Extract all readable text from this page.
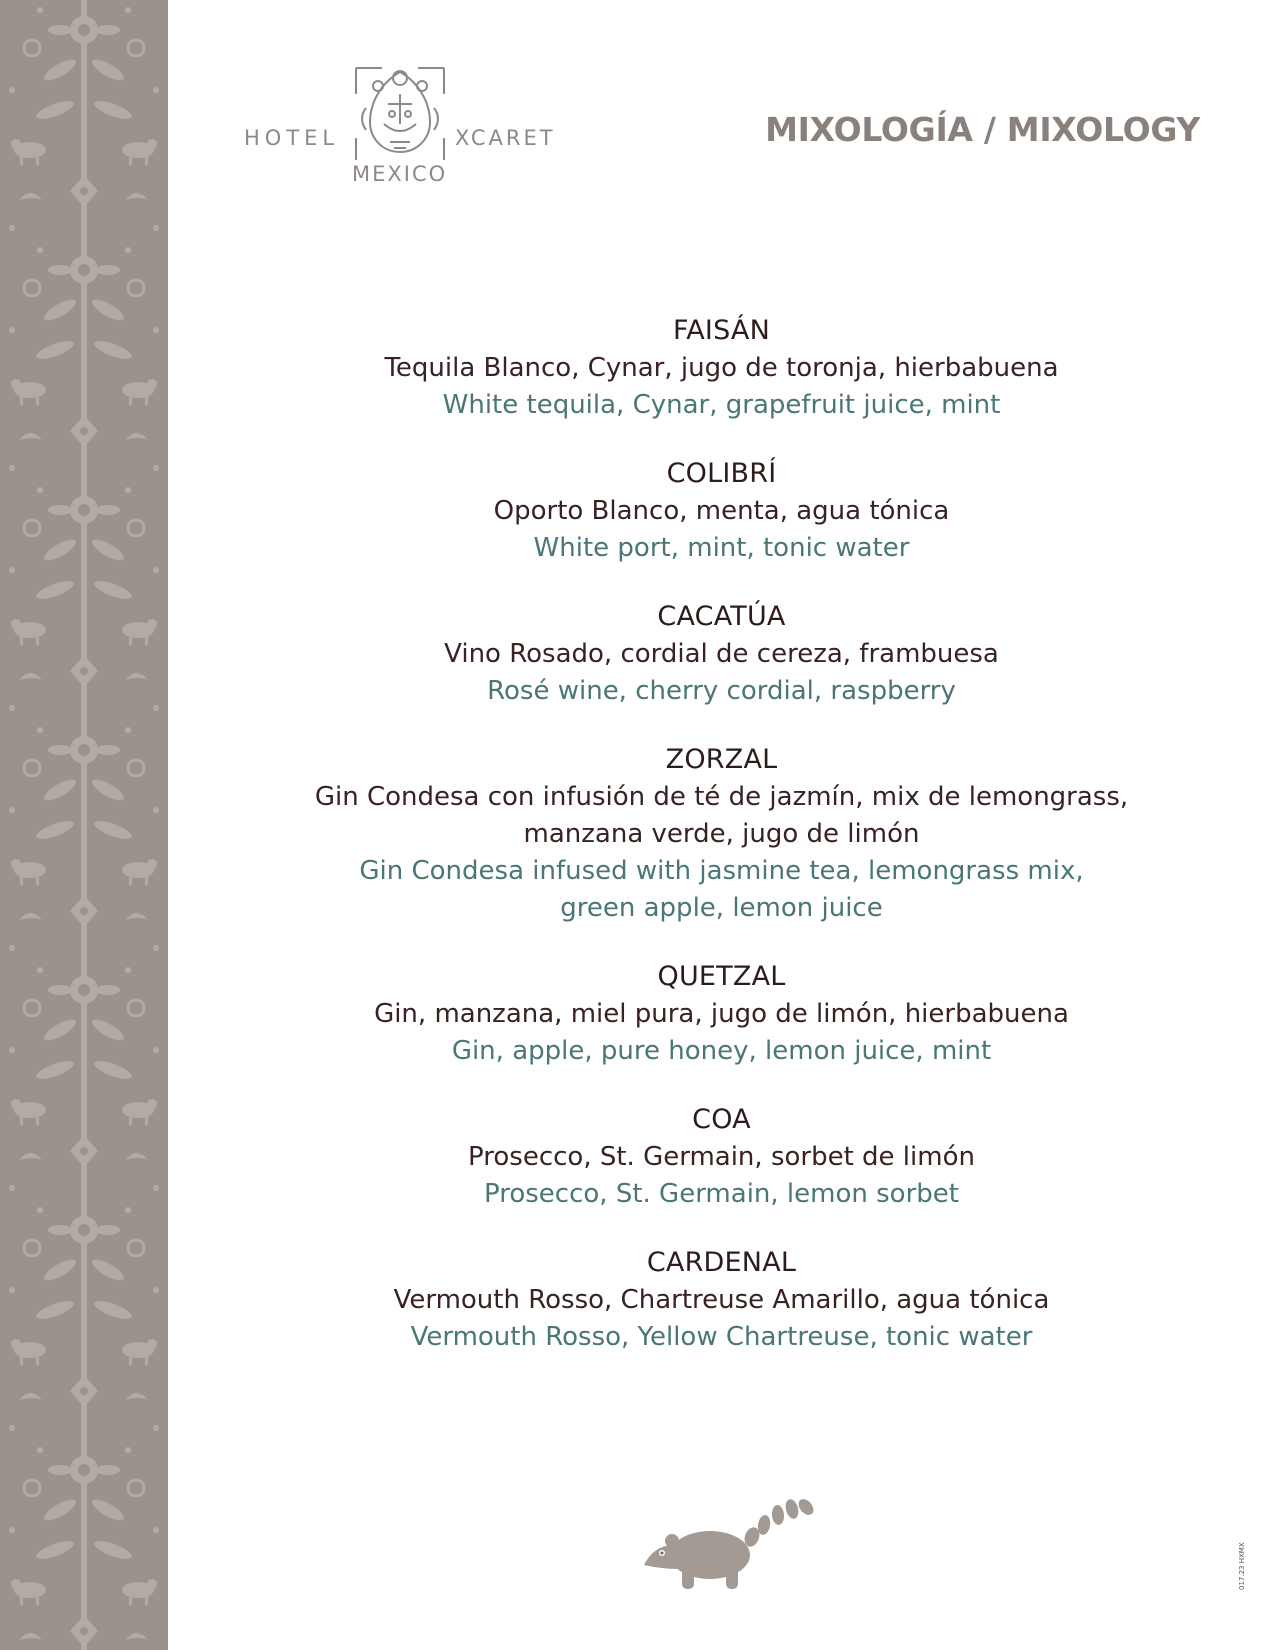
HOTEL	XCARET
MEXICO
MIXOLOGÍA / MIXOLOGY
FAISÁN
Tequila Blanco, Cynar, jugo de toronja, hierbabuena
White tequila, Cynar, grapefruit juice, mint
COLIBRÍ
Oporto Blanco, menta, agua tónica
White port, mint, tonic water
CACATÚA
Vino Rosado, cordial de cereza, frambuesa
Rosé wine, cherry cordial, raspberry
ZORZAL
Gin Condesa con infusión de té de jazmín, mix de lemongrass,
manzana verde, jugo de limón
Gin Condesa infused with jasmine tea, lemongrass mix,
green apple, lemon juice
QUETZAL
Gin, manzana, miel pura, jugo de limón, hierbabuena
Gin, apple, pure honey, lemon juice, mint
COA
Prosecco, St. Germain, sorbet de limón
Prosecco, St. Germain, lemon sorbet
CARDENAL
Vermouth Rosso, Chartreuse Amarillo, agua tónica
Vermouth Rosso, Yellow Chartreuse, tonic water
017.23 HXMX
